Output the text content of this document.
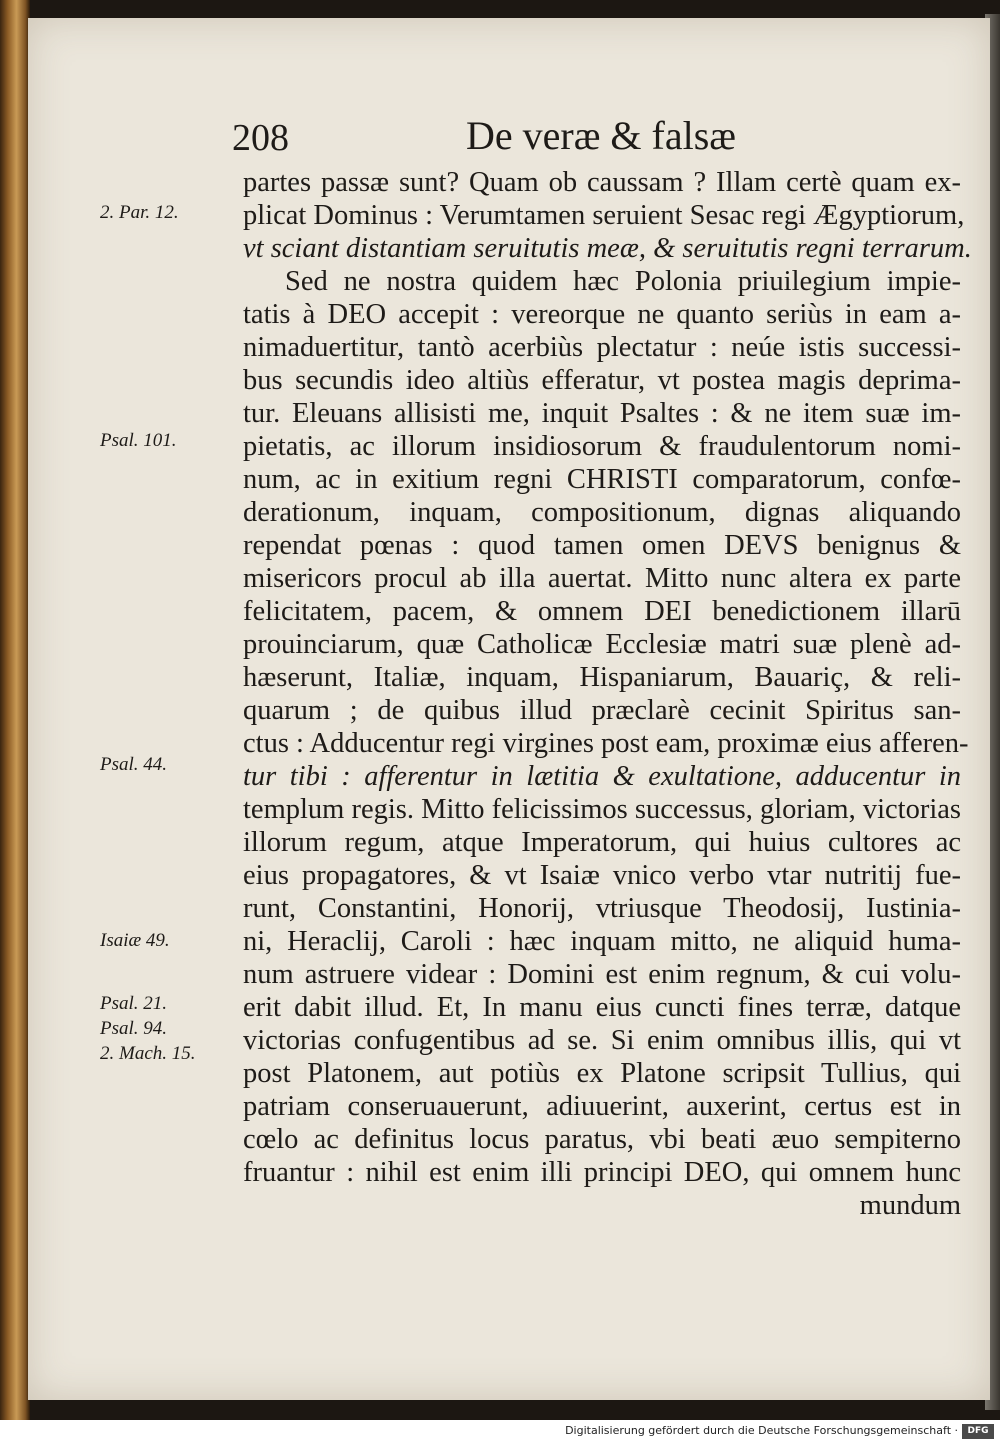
208	De veræ & falsæ
2. Par. 12.
Psal. 101.
Psal. 44.
Isaiæ 49.
Psal. 21.
Psal. 94.
2. Mach. 15.
partes passæ sunt? Quam ob caussam ? Illam certè quam ex-
plicat Dominus : Verumtamen seruient Sesac regi Ægyptiorum,
vt sciant distantiam seruitutis meæ, & seruitutis regni terrarum.
Sed ne nostra quidem hæc Polonia priuilegium impie-
tatis à DEO accepit : vereorque ne quanto seriùs in eam a-
nimaduertitur, tantò acerbiùs plectatur : neúe istis successi-
bus secundis ideo altiùs efferatur, vt postea magis deprima-
tur. Eleuans allisisti me, inquit Psaltes : & ne item suæ im-
pietatis, ac illorum insidiosorum & fraudulentorum nomi-
num, ac in exitium regni CHRISTI comparatorum, confœ-
derationum, inquam, compositionum, dignas aliquando
rependat pœnas : quod tamen omen DEVS benignus &
misericors procul ab illa auertat. Mitto nunc altera ex parte
felicitatem, pacem, & omnem DEI benedictionem illarū
prouinciarum, quæ Catholicæ Ecclesiæ matri suæ plenè ad-
hæserunt, Italiæ, inquam, Hispaniarum, Bauariç, & reli-
quarum ; de quibus illud præclarè cecinit Spiritus san-
ctus : Adducentur regi virgines post eam, proximæ eius afferen-
tur tibi : afferentur in lætitia & exultatione, adducentur in
templum regis. Mitto felicissimos successus, gloriam, victorias
illorum regum, atque Imperatorum, qui huius cultores ac
eius propagatores, & vt Isaiæ vnico verbo vtar nutritij fue-
runt, Constantini, Honorij, vtriusque Theodosij, Iustinia-
ni, Heraclij, Caroli : hæc inquam mitto, ne aliquid huma-
num astruere videar : Domini est enim regnum, & cui volu-
erit dabit illud. Et, In manu eius cuncti fines terræ, datque
victorias confugentibus ad se. Si enim omnibus illis, qui vt
post Platonem, aut potiùs ex Platone scripsit Tullius, qui
patriam conseruauerunt, adiuuerint, auxerint, certus est in
cœlo ac definitus locus paratus, vbi beati æuo sempiterno
fruantur : nihil est enim illi principi DEO, qui omnem hunc
mundum
Digitalisierung gefördert durch die Deutsche Forschungsgemeinschaft ·	DFG
